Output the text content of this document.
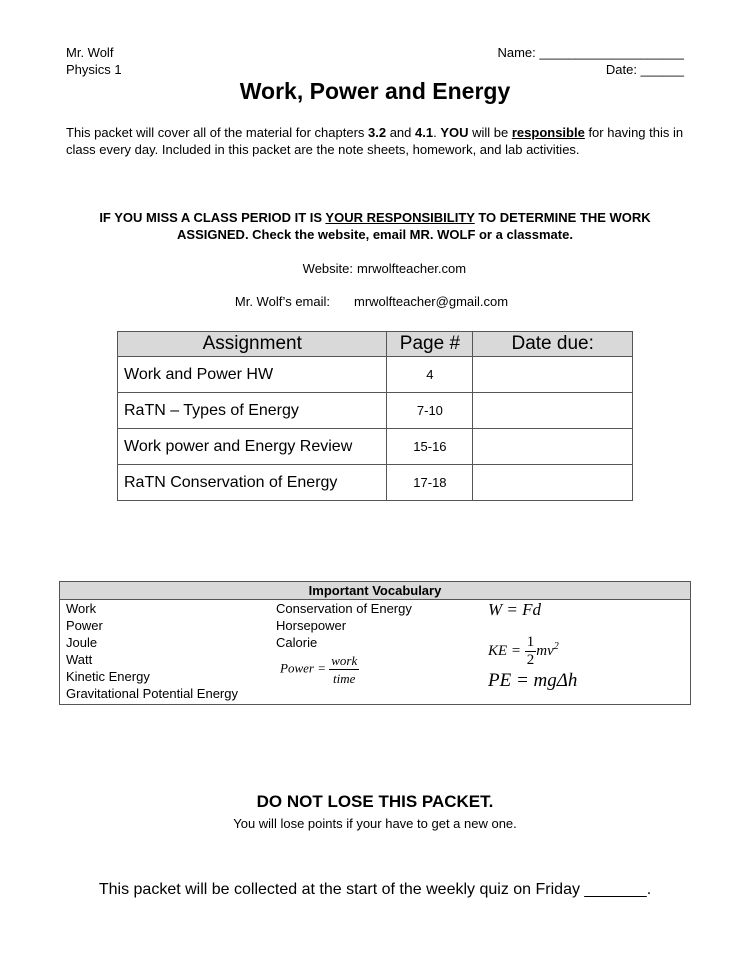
Mr. Wolf
Physics 1
Name: ____________________
Date: ______
Work, Power and Energy
This packet will cover all of the material for chapters 3.2 and 4.1. YOU will be responsible for having this in class every day. Included in this packet are the note sheets, homework, and lab activities.
IF YOU MISS A CLASS PERIOD IT IS YOUR RESPONSIBILITY TO DETERMINE THE WORK ASSIGNED. Check the website, email MR. WOLF or a classmate.
Website: mrwolfteacher.com
Mr. Wolf’s email: mrwolfteacher@gmail.com
Assignment	Page #	Date due:
Work and Power HW	4	
RaTN – Types of Energy	7-10	
Work power and Energy Review	15-16	
RaTN Conservation of Energy	17-18	
Important Vocabulary
Work
Power
Joule
Watt
Kinetic Energy
Gravitational Potential Energy
Conservation of Energy
Horsepower
Calorie
Power = $\frac{\text{work}}{\text{time}}$
W = Fd
KE = $\frac{1}{2} mv^2$
PE = mgΔh
DO NOT LOSE THIS PACKET.
You will lose points if your have to get a new one.
This packet will be collected at the start of the weekly quiz on Friday _______.
